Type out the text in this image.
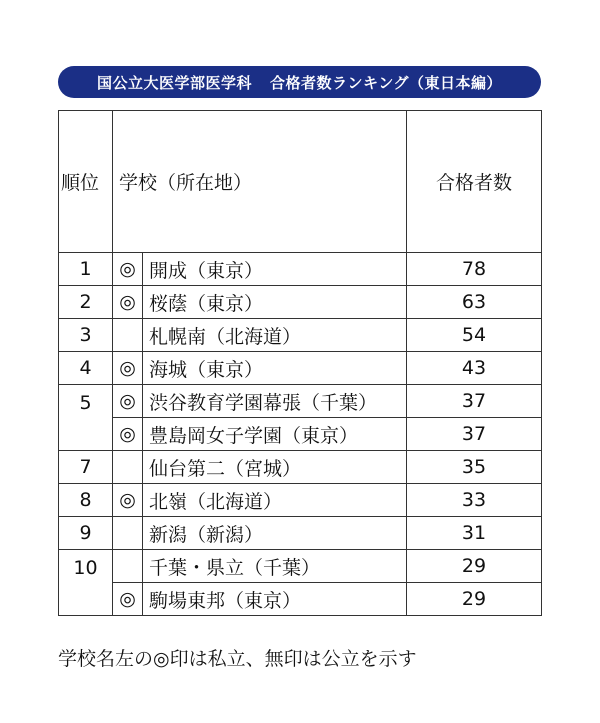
国公立大医学部医学科 合格者数ランキング（東日本編）
順位	学校（所在地）		合格者数
1	◎	開成（東京）	78
2	◎	桜蔭（東京）	63
3		札幌南（北海道）	54
4	◎	海城（東京）	43
5	◎	渋谷教育学園幕張（千葉）	37
	◎	豊島岡女子学園（東京）	37
7		仙台第二（宮城）	35
8	◎	北嶺（北海道）	33
9		新潟（新潟）	31
10		千葉・県立（千葉）	29
	◎	駒場東邦（東京）	29
学校名左の◎印は私立、無印は公立を示す
